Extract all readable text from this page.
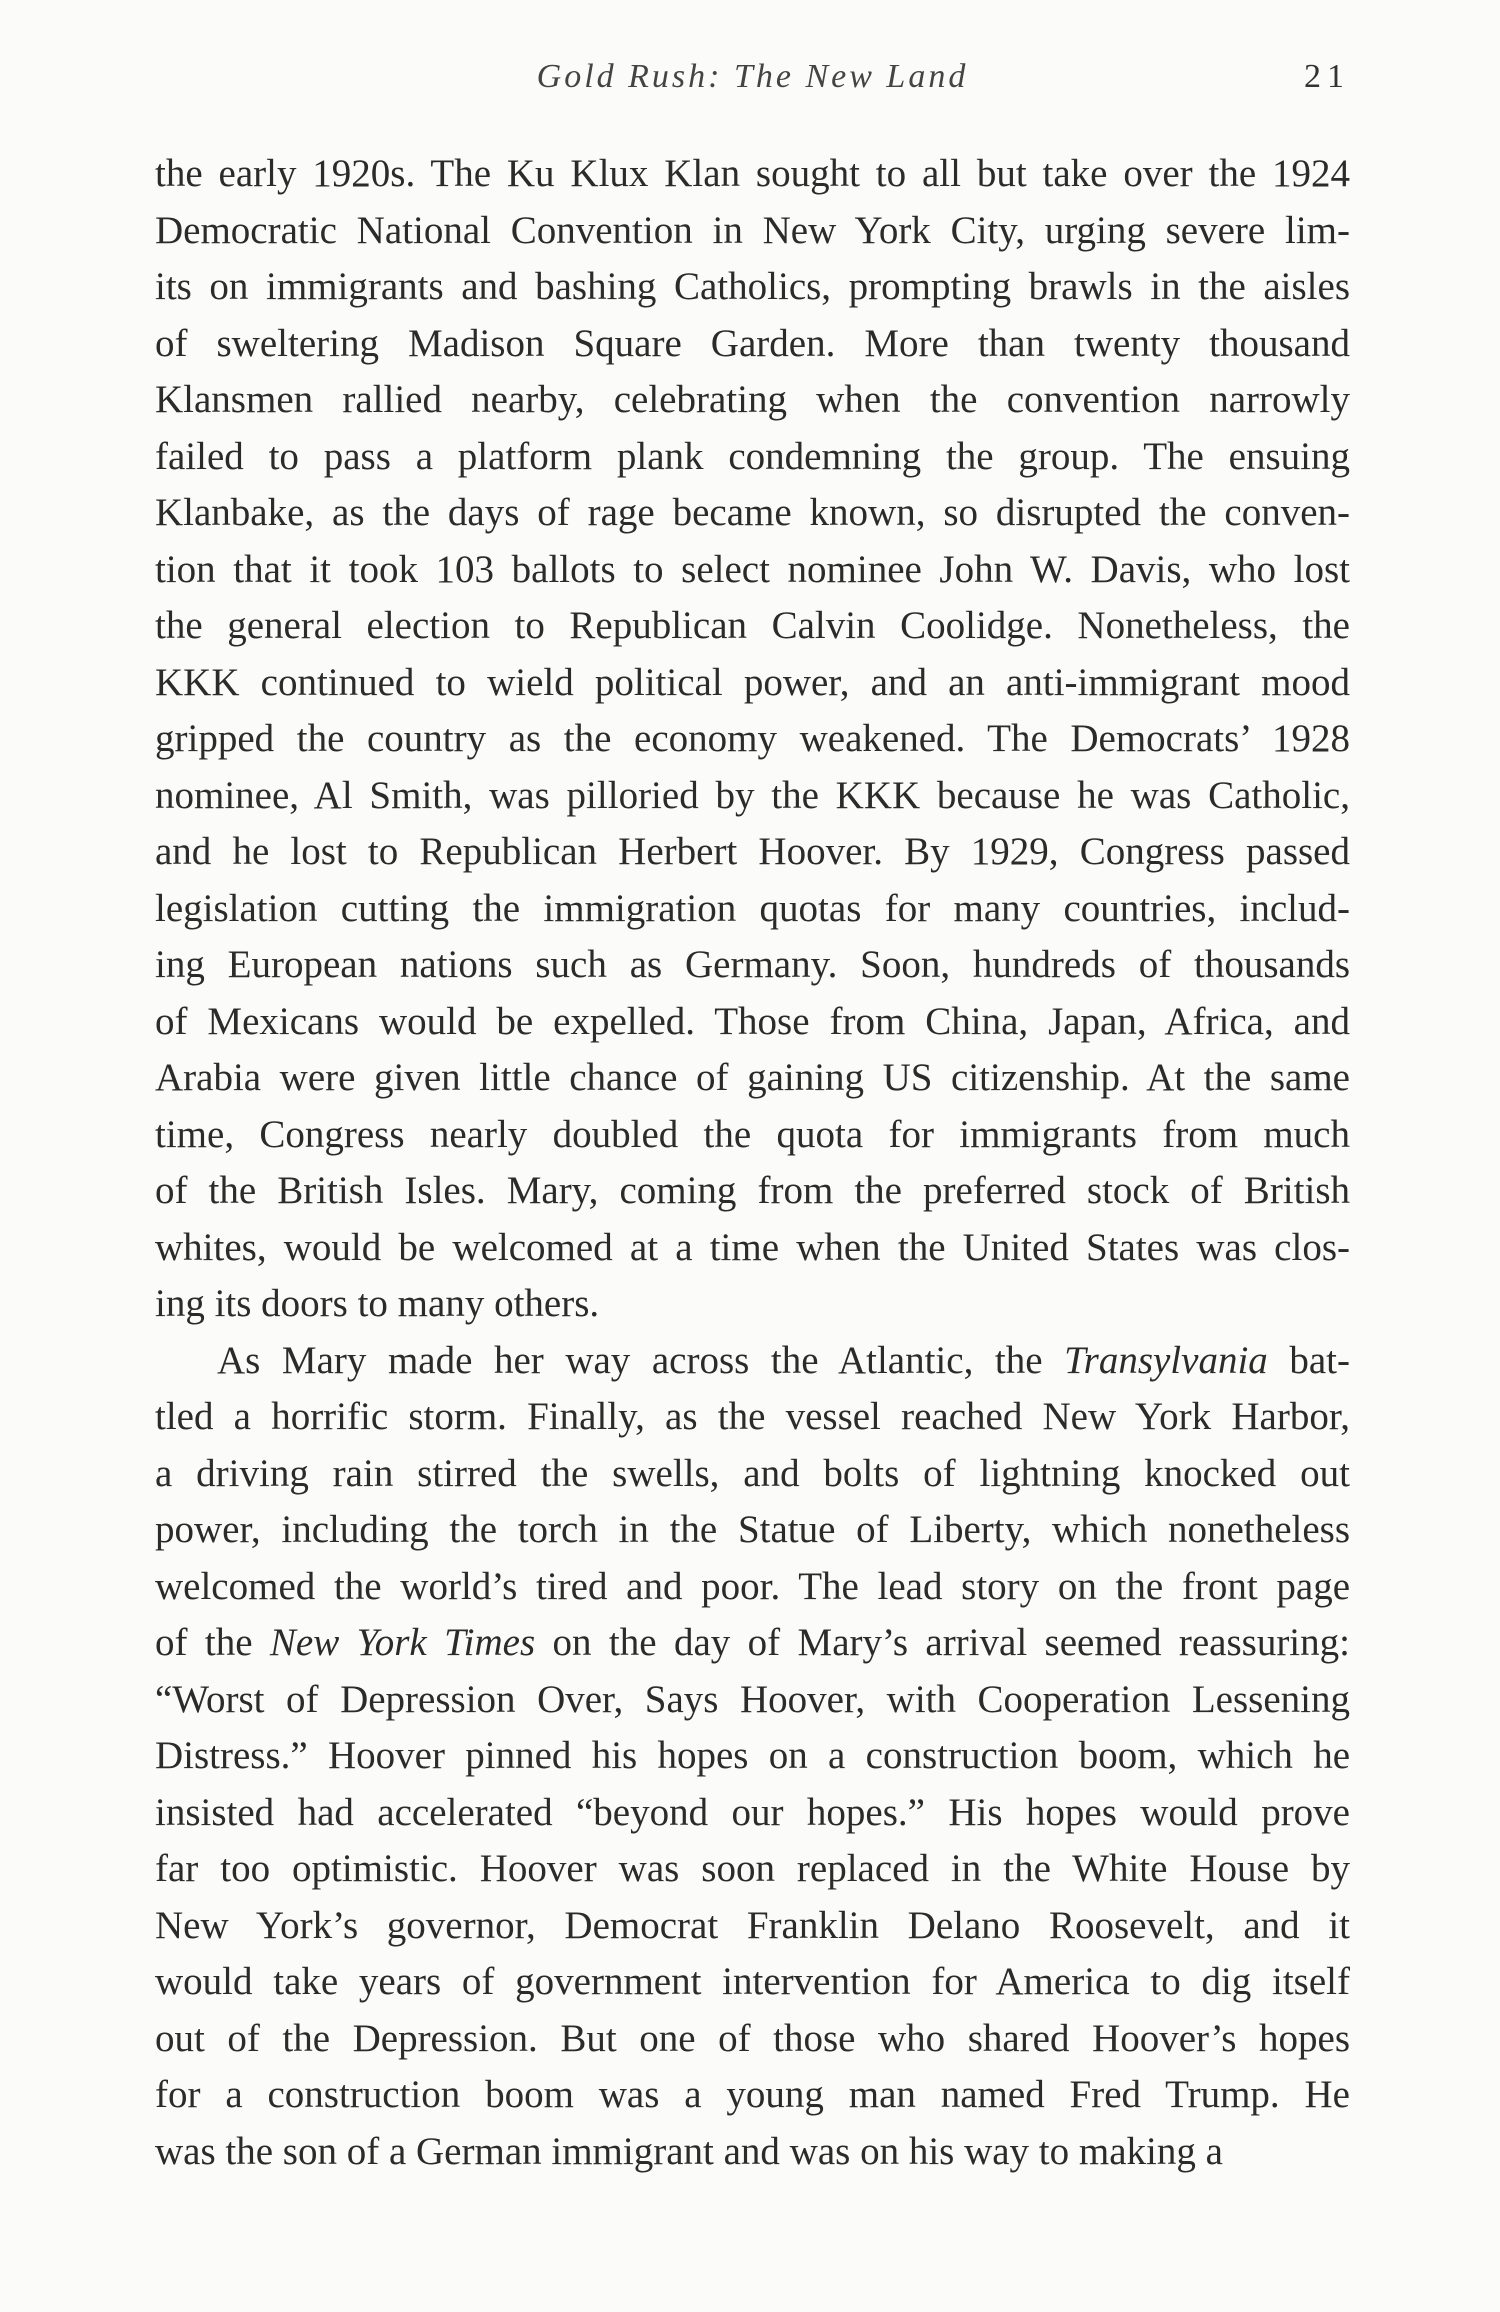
Gold Rush: The New Land	21
the early 1920s. The Ku Klux Klan sought to all but take over the 1924
Democratic National Convention in New York City, urging severe lim-
its on immigrants and bashing Catholics, prompting brawls in the aisles
of sweltering Madison Square Garden. More than twenty thousand
Klansmen rallied nearby, celebrating when the convention narrowly
failed to pass a platform plank condemning the group. The ensuing
Klanbake, as the days of rage became known, so disrupted the conven-
tion that it took 103 ballots to select nominee John W. Davis, who lost
the general election to Republican Calvin Coolidge. Nonetheless, the
KKK continued to wield political power, and an anti-immigrant mood
gripped the country as the economy weakened. The Democrats’ 1928
nominee, Al Smith, was pilloried by the KKK because he was Catholic,
and he lost to Republican Herbert Hoover. By 1929, Congress passed
legislation cutting the immigration quotas for many countries, includ-
ing European nations such as Germany. Soon, hundreds of thousands
of Mexicans would be expelled. Those from China, Japan, Africa, and
Arabia were given little chance of gaining US citizenship. At the same
time, Congress nearly doubled the quota for immigrants from much
of the British Isles. Mary, coming from the preferred stock of British
whites, would be welcomed at a time when the United States was clos-
ing its doors to many others.
As Mary made her way across the Atlantic, the Transylvania bat-
tled a horrific storm. Finally, as the vessel reached New York Harbor,
a driving rain stirred the swells, and bolts of lightning knocked out
power, including the torch in the Statue of Liberty, which nonetheless
welcomed the world’s tired and poor. The lead story on the front page
of the New York Times on the day of Mary’s arrival seemed reassuring:
“Worst of Depression Over, Says Hoover, with Cooperation Lessening
Distress.” Hoover pinned his hopes on a construction boom, which he
insisted had accelerated “beyond our hopes.” His hopes would prove
far too optimistic. Hoover was soon replaced in the White House by
New York’s governor, Democrat Franklin Delano Roosevelt, and it
would take years of government intervention for America to dig itself
out of the Depression. But one of those who shared Hoover’s hopes
for a construction boom was a young man named Fred Trump. He
was the son of a German immigrant and was on his way to making a
